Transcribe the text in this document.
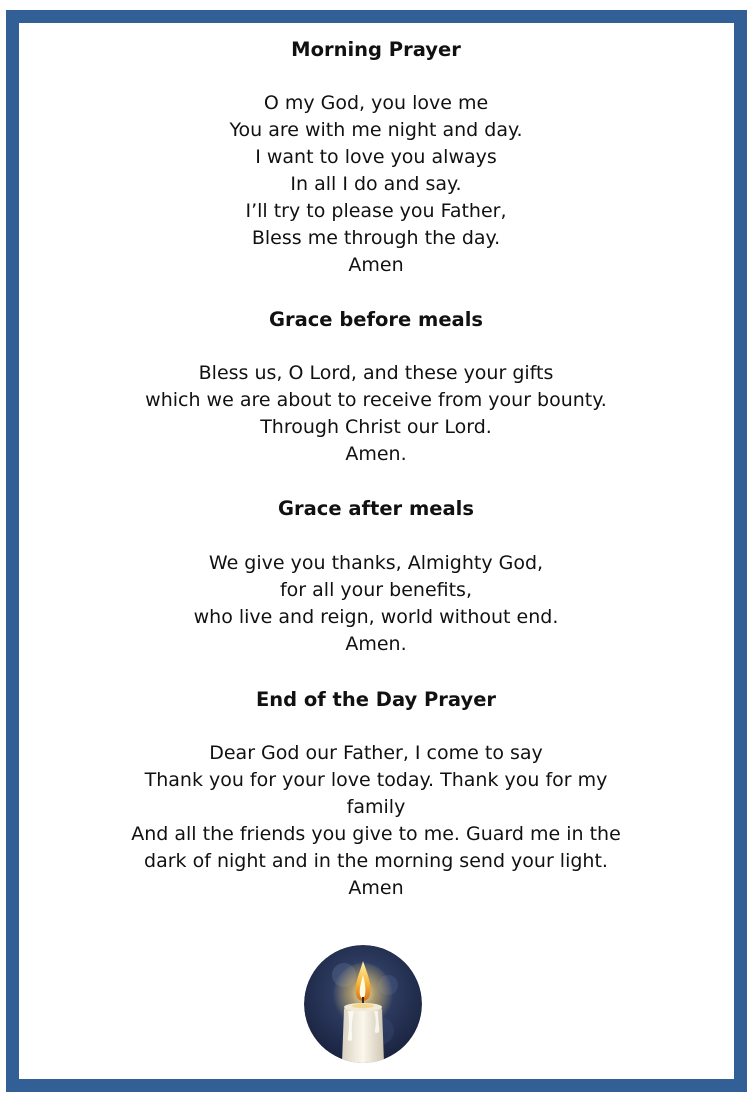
Morning Prayer
O my God, you love me
You are with me night and day.
I want to love you always
In all I do and say.
I’ll try to please you Father,
Bless me through the day.
Amen
Grace before meals
Bless us, O Lord, and these your gifts
which we are about to receive from your bounty.
Through Christ our Lord.
Amen.
Grace after meals
We give you thanks, Almighty God,
for all your benefits,
who live and reign, world without end.
Amen.
End of the Day Prayer
Dear God our Father, I come to say
Thank you for your love today. Thank you for my
family
And all the friends you give to me. Guard me in the
dark of night and in the morning send your light.
Amen
